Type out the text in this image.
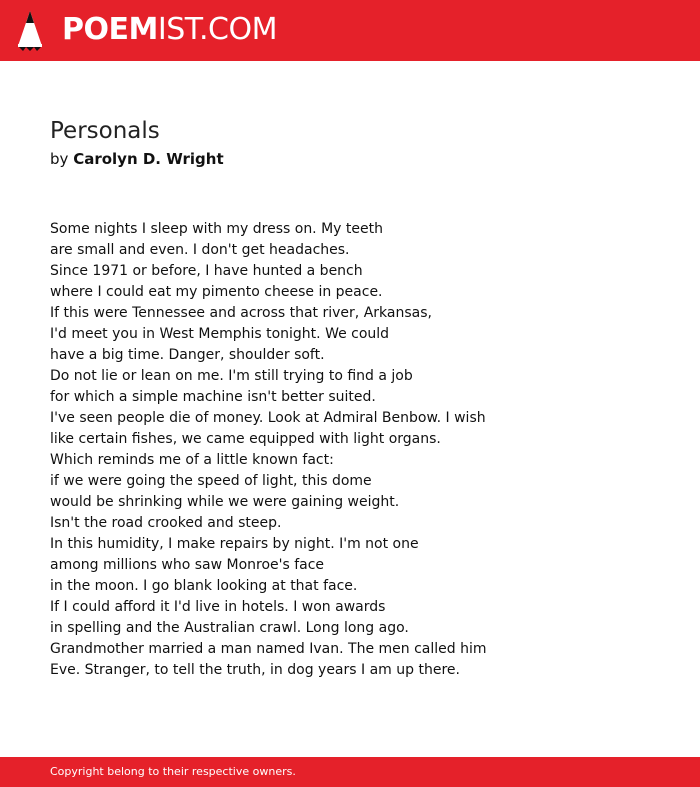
POEMIST.COM
Personals
by Carolyn D. Wright
Some nights I sleep with my dress on. My teeth
are small and even. I don't get headaches.
Since 1971 or before, I have hunted a bench
where I could eat my pimento cheese in peace.
If this were Tennessee and across that river, Arkansas,
I'd meet you in West Memphis tonight. We could
have a big time. Danger, shoulder soft.
Do not lie or lean on me. I'm still trying to find a job
for which a simple machine isn't better suited.
I've seen people die of money. Look at Admiral Benbow. I wish
like certain fishes, we came equipped with light organs.
Which reminds me of a little known fact:
if we were going the speed of light, this dome
would be shrinking while we were gaining weight.
Isn't the road crooked and steep.
In this humidity, I make repairs by night. I'm not one
among millions who saw Monroe's face
in the moon. I go blank looking at that face.
If I could afford it I'd live in hotels. I won awards
in spelling and the Australian crawl. Long long ago.
Grandmother married a man named Ivan. The men called him
Eve. Stranger, to tell the truth, in dog years I am up there.
Copyright belong to their respective owners.
